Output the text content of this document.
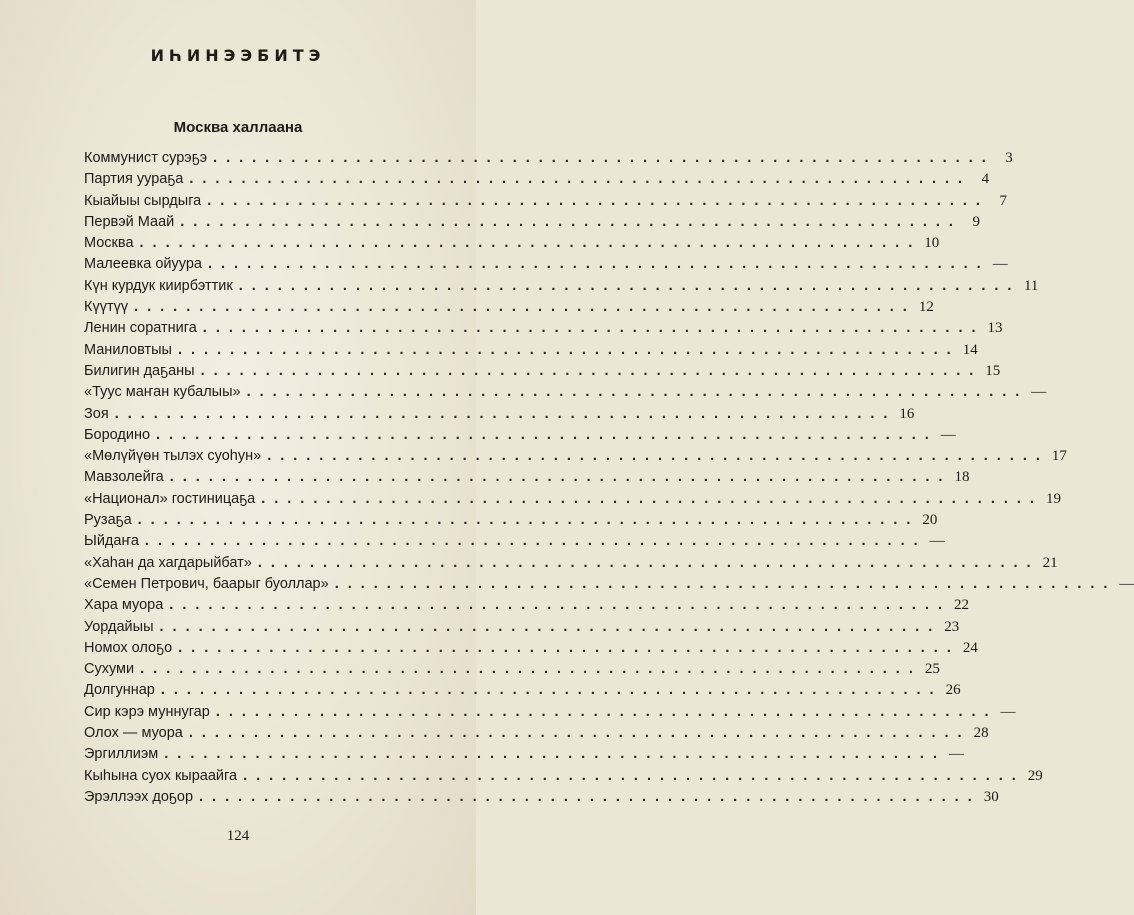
ИҺИНЭЭБИТЭ
Москва халлаана
Коммунист сурэҕэ ............................................................ 3
Партия уураҕа ............................................................ 4
Кыайыы сырдыга ............................................................ 7
Первэй Маай ............................................................ 9
Москва ............................................................ 10
Малеевка ойуура ............................................................ —
Күн курдук киирбэттик ............................................................ 11
Күүтүү ............................................................ 12
Ленин соратнига ............................................................ 13
Маниловтыы ............................................................ 14
Билигин даҕаны ............................................................ 15
«Туус маҥан кубалыы» ............................................................ —
Зоя ............................................................ 16
Бородино ............................................................ —
«Мөлүйүөн тылэх суоһун» ............................................................ 17
Мавзолейга ............................................................ 18
«Национал» гостиницаҕа ............................................................ 19
Рузаҕа ............................................................ 20
Ыйдаҥа ............................................................ —
«Хаһан да хагдарыйбат» ............................................................ 21
«Семен Петрович, баарыг буоллар» ............................................................ —
Хара муора ............................................................ 22
Уордайыы ............................................................ 23
Номох олоҕо ............................................................ 24
Сухуми ............................................................ 25
Долгуннар ............................................................ 26
Сир кэрэ муннугар ............................................................ —
Олох — муора ............................................................ 28
Эргиллиэм ............................................................ —
Кыһына суох кыраайга ............................................................ 29
Эрэллээх доҕор ............................................................ 30
124
